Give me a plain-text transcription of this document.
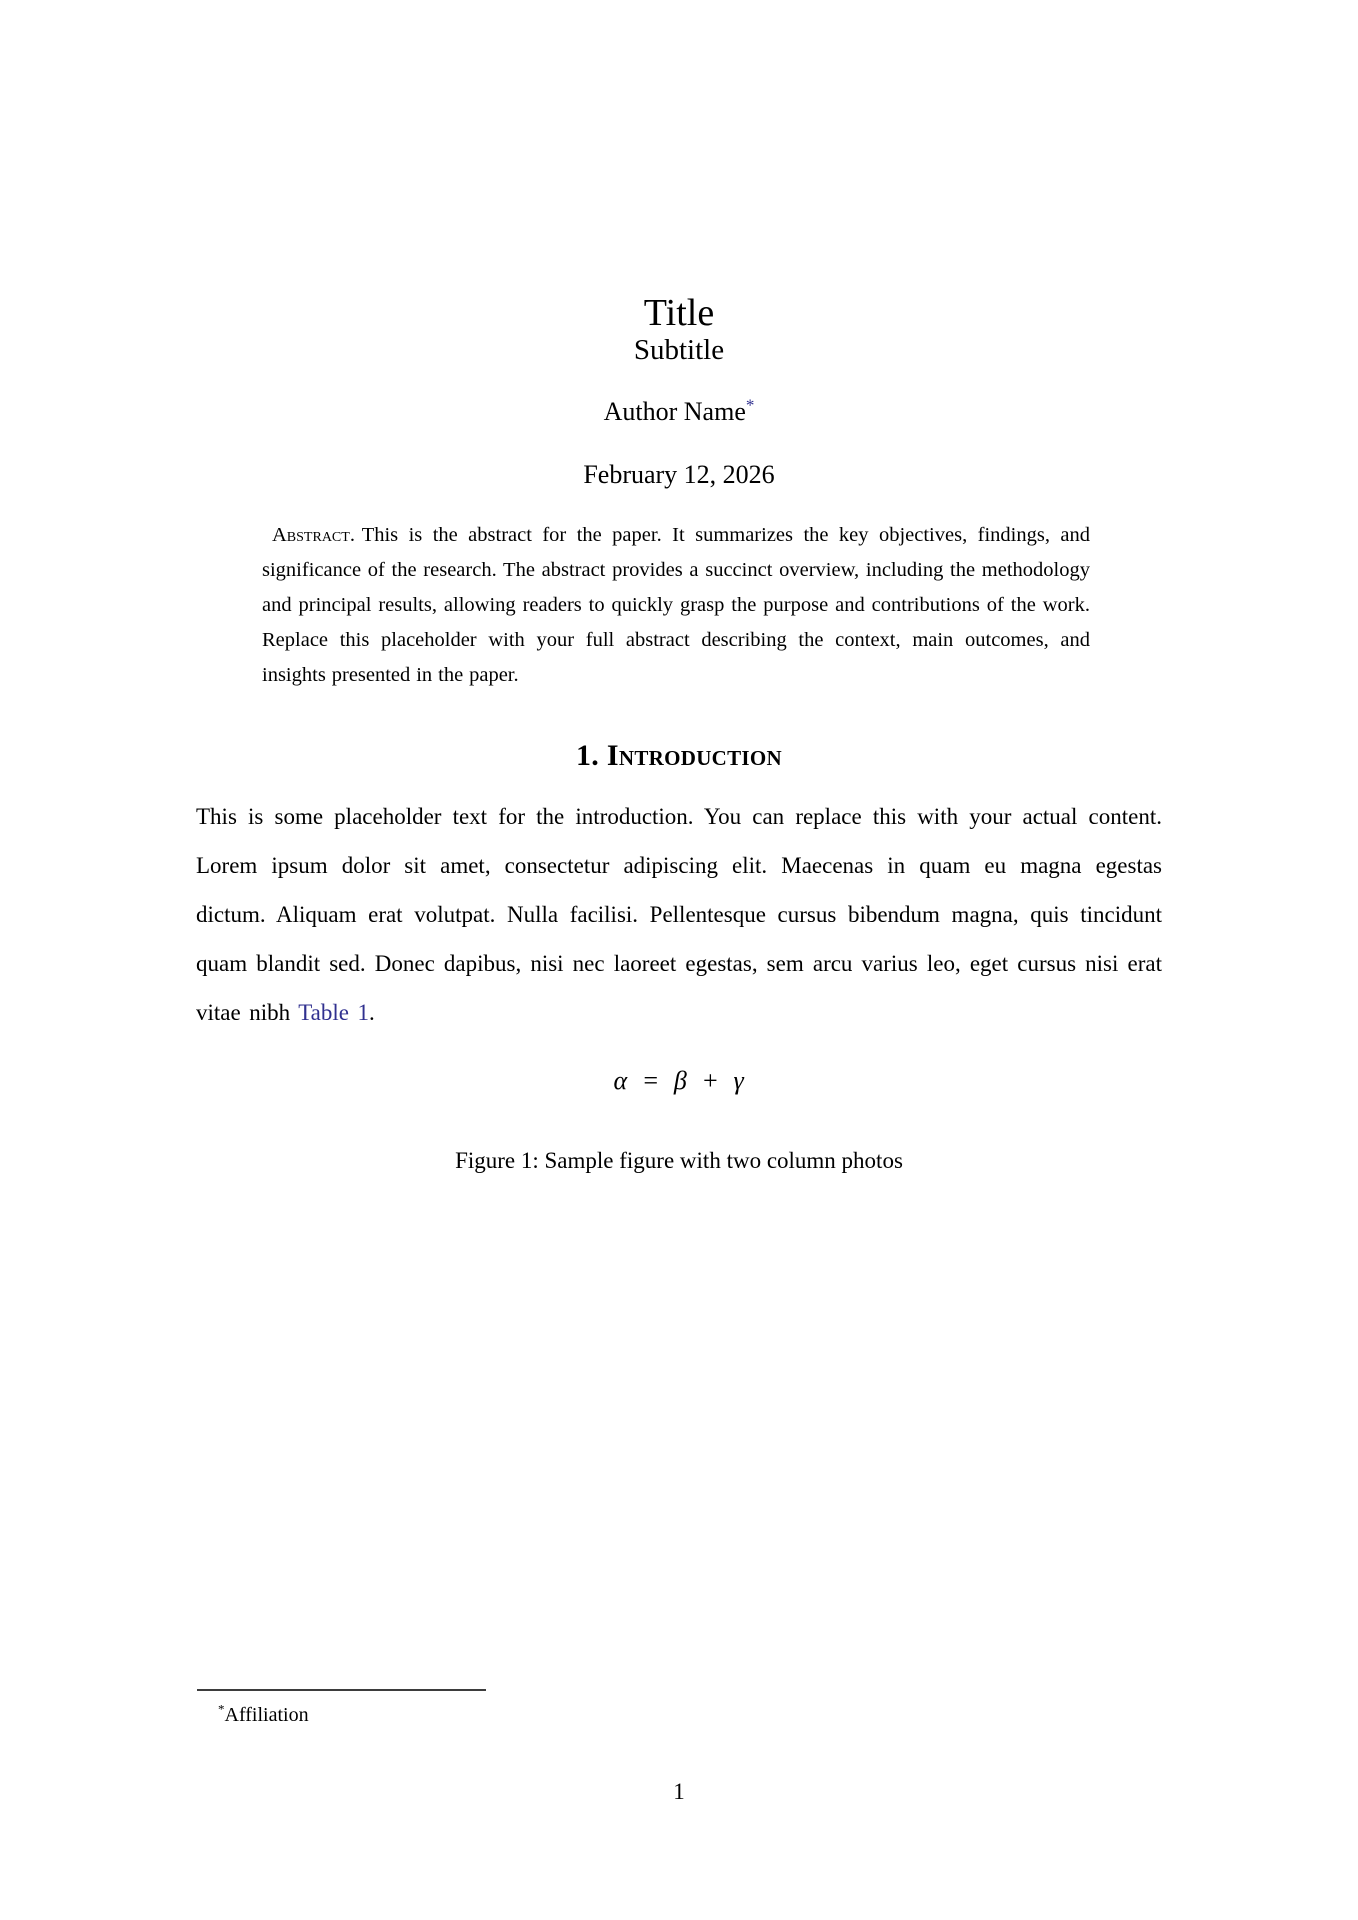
Title
Subtitle
Author Name*
February 12, 2026
Abstract. This is the abstract for the paper. It summarizes the key objectives, findings, and significance of the research. The abstract provides a succinct overview, including the methodology and principal results, allowing readers to quickly grasp the purpose and contributions of the work. Replace this placeholder with your full abstract describing the context, main outcomes, and insights presented in the paper.
1. Introduction
This is some placeholder text for the introduction. You can replace this with your actual content. Lorem ipsum dolor sit amet, consectetur adipiscing elit. Maecenas in quam eu magna egestas dictum. Aliquam erat volutpat. Nulla facilisi. Pellentesque cursus bibendum magna, quis tincidunt quam blandit sed. Donec dapibus, nisi nec laoreet egestas, sem arcu varius leo, eget cursus nisi erat vitae nibh Table 1.
α = β + γ
Figure 1: Sample figure with two column photos
*Affiliation
1
